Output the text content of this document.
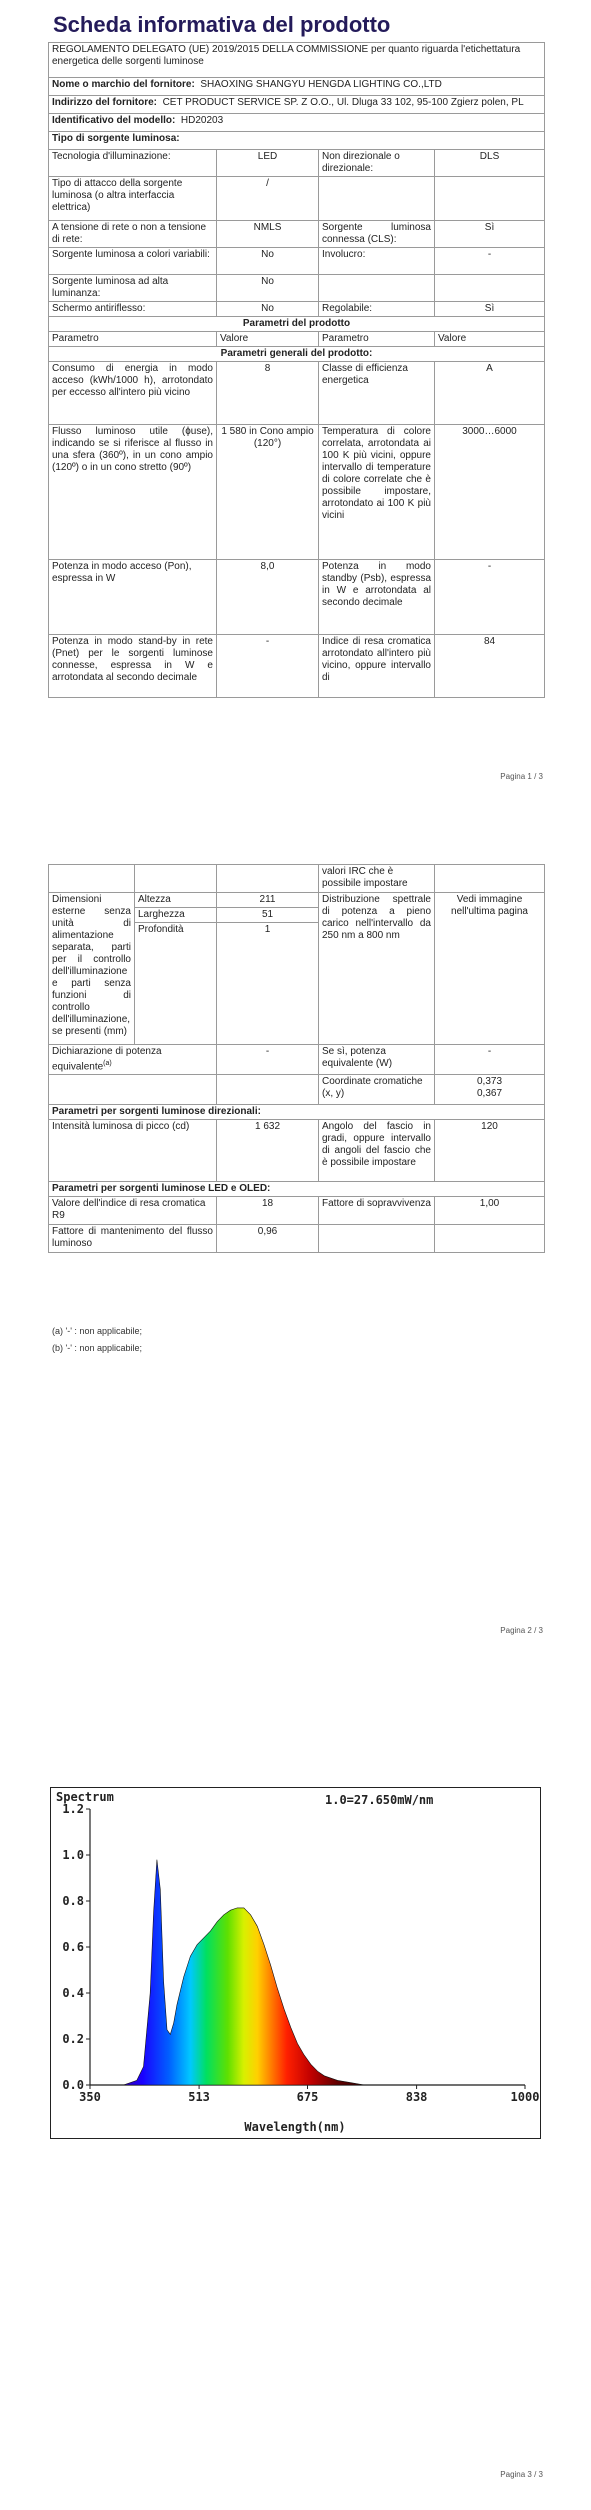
Scheda informativa del prodotto
REGOLAMENTO DELEGATO (UE) 2019/2015 DELLA COMMISSIONE per quanto riguarda l'etichettatura energetica delle sorgenti luminose			
Nome o marchio del fornitore: SHAOXING SHANGYU HENGDA LIGHTING CO.,LTD			
Indirizzo del fornitore: CET PRODUCT SERVICE SP. Z O.O., Ul. Dluga 33 102, 95-100 Zgierz polen, PL			
Identificativo del modello: HD20203			
Tipo di sorgente luminosa:			
Tecnologia d'illuminazione:	LED	Non direzionale o direzionale:	DLS
Tipo di attacco della sorgente luminosa (o altra interfaccia elettrica)	/		
A tensione di rete o non a tensione di rete:	NMLS	Sorgente luminosa connessa (CLS):	Sì
Sorgente luminosa a colori variabili:	No	Involucro:	-
Sorgente luminosa ad alta luminanza:	No		
Schermo antiriflesso:	No	Regolabile:	Sì
Parametri del prodotto			
Parametro	Valore	Parametro	Valore
Parametri generali del prodotto:			
Consumo di energia in modo acceso (kWh/1000 h), arrotondato per eccesso all'intero più vicino	8	Classe di efficienza energetica	A
Flusso luminoso utile (ɸuse), indicando se si riferisce al flusso in una sfera (360º), in un cono ampio (120º) o in un cono stretto (90º)	1 580 in Cono ampio (120°)	Temperatura di colore correlata, arrotondata ai 100 K più vicini, oppure intervallo di temperature di colore correlate che è possibile impostare, arrotondato ai 100 K più vicini	3000…6000
Potenza in modo acceso (Pon), espressa in W	8,0	Potenza in modo standby (Psb), espressa in W e arrotondata al secondo decimale	-
Potenza in modo stand-by in rete (Pnet) per le sorgenti luminose connesse, espressa in W e arrotondata al secondo decimale	-	Indice di resa cromatica arrotondato all'intero più vicino, oppure intervallo di	84
Pagina 1 / 3
			valori IRC che è possibile impostare	
Dimensioni esterne senza unità di alimentazione separata, parti per il controllo dell'illuminazione e parti senza funzioni di controllo dell'illuminazione, se presenti (mm)	Altezza	211	Distribuzione spettrale di potenza a pieno carico nell'intervallo da 250 nm a 800 nm	Vedi immagine nell'ultima pagina
	Larghezza	51		
	Profondità	1		
Dichiarazione di potenza equivalente$^{(a)}$		-	Se sì, potenza equivalente (W)	-
			Coordinate cromatiche (x, y)	0,373
0,367

Parametri per sorgenti luminose direzionali:				
Intensità luminosa di picco (cd)		1 632	Angolo del fascio in gradi, oppure intervallo di angoli del fascio che è possibile impostare	120
Parametri per sorgenti luminose LED e OLED:				
Valore dell'indice di resa cromatica R9		18	Fattore di sopravvivenza	1,00
Fattore di mantenimento del flusso luminoso		0,96		
(a) '-' : non applicabile;
(b) '-' : non applicabile;
Pagina 2 / 3
Spectrum	1.0=27.650mW/nm
Wavelength(nm)
0.0
0.2
0.4
0.6
0.8
1.0
1.2
350	513	675	838	1000
Pagina 3 / 3
